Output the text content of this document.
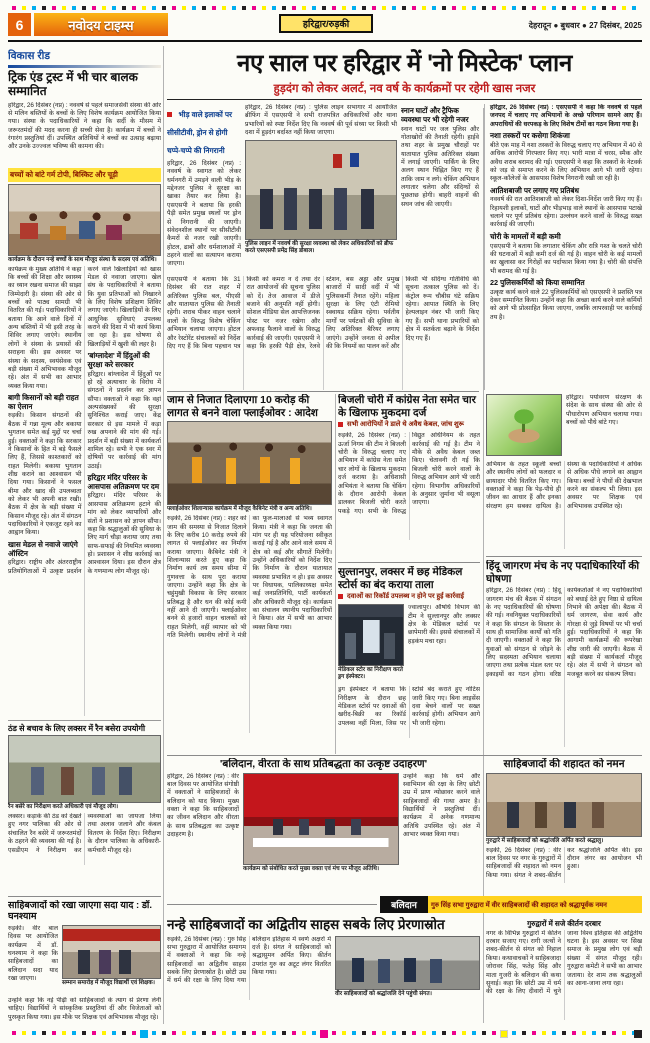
6	नवोदय टाइम्स	हरिद्वार/रुड़की	देहरादून ● बुधवार ● 27 दिसंबर, 2025
विकास रीड
ट्रिक एंड ट्रस्ट में भी चार बालक सम्मानित

हरिद्वार, 26 दिसंबर (नप्र) : नववर्ष से पहले समाजसेवी संस्था की ओर से मलिन बस्तियों के बच्चों के लिए विशेष कार्यक्रम आयोजित किया गया। संस्था के पदाधिकारियों ने कहा कि सर्दी के मौसम में जरूरतमंदों की मदद करना ही सच्ची सेवा है। कार्यक्रम में बच्चों ने रंगारंग प्रस्तुतियां दीं। उपस्थित अतिथियों ने बच्चों का उत्साह बढ़ाया और उनके उज्ज्वल भविष्य की कामना की।

बच्चों को बांटे गर्म टोपी, बिस्किट और चूड़ी
कार्यक्रम के दौरान नन्हे बच्चों के साथ मौजूद संस्था के सदस्य एवं अतिथि।

कार्यक्रम के मुख्य अतिथि ने कहा कि बच्चों की शिक्षा और स्वास्थ्य का ध्यान रखना समाज की साझा जिम्मेदारी है। संस्था की ओर से बच्चों को पाठ्य सामग्री भी वितरित की गई। पदाधिकारियों ने बताया कि आने वाले दिनों में अन्य बस्तियों में भी इसी तरह के शिविर लगाए जाएंगे। स्थानीय लोगों ने संस्था के प्रयासों की सराहना की। इस अवसर पर संस्था के सदस्य, स्वयंसेवक एवं बड़ी संख्या में अभिभावक मौजूद रहे। अंत में सभी का आभार व्यक्त किया गया।

बागी किसानों को बड़ी राहत का ऐलान

रुड़की। किसान संगठनों की बैठक में गन्ना मूल्य और बकाया भुगतान समेत कई मुद्दों पर चर्चा हुई। वक्ताओं ने कहा कि सरकार ने किसानों के हित में बड़े फैसले लिए हैं, जिससे काश्तकारों को राहत मिलेगी। बकाया भुगतान शीघ्र कराने का आश्वासन भी दिया गया। किसानों ने फसल बीमा और खाद की उपलब्धता को लेकर भी अपनी बात रखी। बैठक में क्षेत्र के बड़ी संख्या में किसान मौजूद रहे। अंत में संगठन पदाधिकारियों ने एकजुट रहने का आह्वान किया।

खास मेडल से नवाजे जाएंगे ऑस्टिन

हरिद्वार। राष्ट्रीय और अंतरराष्ट्रीय प्रतियोगिताओं में उत्कृष्ट प्रदर्शन करने वाले खिलाड़ियों को खास मेडल से नवाजा जाएगा। खेल संघ के पदाधिकारियों ने बताया कि युवा प्रतिभाओं को निखारने के लिए विशेष प्रशिक्षण शिविर लगाए जाएंगे। खिलाड़ियों के लिए आधुनिक सुविधाएं उपलब्ध कराने की दिशा में भी कार्य किया जा रहा है। इस घोषणा से खिलाड़ियों में खुशी की लहर है।

'बांग्लादेश' में हिंदुओं की सुरक्षा करे सरकार

हरिद्वार। बांग्लादेश में हिंदुओं पर हो रहे अत्याचार के विरोध में संगठनों ने प्रदर्शन कर ज्ञापन सौंपा। वक्ताओं ने कहा कि वहां अल्पसंख्यकों की सुरक्षा सुनिश्चित कराई जाए। केंद्र सरकार से इस मामले में कड़ा रुख अपनाने की मांग की गई। प्रदर्शन में बड़ी संख्या में कार्यकर्ता शामिल रहे। सभी ने एक स्वर में दोषियों पर कार्रवाई की मांग उठाई।

हरिद्वार मंदिर परिसर के आसपास अतिक्रमण पर दम

हरिद्वार। मंदिर परिसर के आसपास अतिक्रमण हटाने की मांग को लेकर व्यापारियों और संतों ने प्रशासन को ज्ञापन सौंपा। कहा कि श्रद्धालुओं की सुविधा के लिए मार्ग चौड़ा कराया जाए तथा साफ-सफाई की नियमित व्यवस्था हो। प्रशासन ने शीघ्र कार्रवाई का आश्वासन दिया। इस दौरान क्षेत्र के गणमान्य लोग मौजूद रहे।

ठंड से बचाव के लिए लक्सर में रैन बसेरा उपयोगी
रैन बसेरे का निरीक्षण करते अधिकारी एवं मौजूद लोग।

लक्सर। कड़ाके की ठंड को देखते हुए नगर पालिका की ओर से संचालित रैन बसेरे में जरूरतमंदों के ठहरने की व्यवस्था की गई है। एसडीएम ने निरीक्षण कर व्यवस्थाओं का जायजा लिया तथा अलाव जलाने और कंबल वितरण के निर्देश दिए। निरीक्षण के दौरान पालिका के अधिकारी-कर्मचारी मौजूद रहे।

साहिबजादों को रखा जाएगा सदा याद : डॉ. घनश्याम

रुड़की। वीर बाल दिवस पर आयोजित कार्यक्रम में डॉ. घनश्याम ने कहा कि साहिबजादों का बलिदान सदा याद रखा जाएगा।

सम्मान समारोह में मौजूद विद्यार्थी एवं शिक्षक।

उन्होंने कहा कि नई पीढ़ी को साहिबजादों के त्याग से प्रेरणा लेनी चाहिए। विद्यार्थियों ने सांस्कृतिक प्रस्तुतियां दीं और विजेताओं को पुरस्कृत किया गया। इस मौके पर शिक्षक एवं अभिभावक मौजूद रहे।

नए साल पर हरिद्वार में 'नो मिस्टेक' प्लान
हुड़दंग को लेकर अलर्ट, नव वर्ष के कार्यक्रमों पर रहेगी खास नजर
भीड़ वाले इलाकों पर सीसीटीवी, ड्रोन से होगी चप्पे-चप्पे की निगरानी

हरिद्वार, 26 दिसंबर (नप्र) : नववर्ष के स्वागत को लेकर धर्मनगरी में उमड़ने वाली भीड़ के मद्देनजर पुलिस ने सुरक्षा का खाका तैयार कर लिया है। एसएसपी ने बताया कि हरकी पैड़ी समेत प्रमुख स्थलों पर ड्रोन से निगरानी की जाएगी। संवेदनशील स्थानों पर सीसीटीवी कैमरों से नजर रखी जाएगी। होटल, ढाबों और धर्मशालाओं में ठहरने वालों का सत्यापन कराया जाएगा।

हरिद्वार, 26 दिसंबर (नप्र) : पुलिस लाइन सभागार में आयोजित ब्रीफिंग में एसएसपी ने सभी राजपत्रित अधिकारियों और थाना प्रभारियों को स्पष्ट निर्देश दिए कि नववर्ष की पूर्व संध्या पर किसी भी दशा में हुड़दंग बर्दाश्त नहीं किया जाएगा।

पुलिस लाइन में नववर्ष की सुरक्षा व्यवस्था को लेकर अधिकारियों को ब्रीफ करते एसएसपी प्रमेंद्र सिंह डोबाल।
स्नान घाटों और ट्रैफिक व्यवस्था पर भी रहेगी नजर

स्नान घाटों पर जल पुलिस और गोताखोरों की तैनाती रहेगी। हाईवे तथा शहर के प्रमुख चौराहों पर यातायात पुलिस अतिरिक्त संख्या में लगाई जाएगी। पार्किंग के लिए अलग स्थान चिह्नित किए गए हैं ताकि जाम न लगे। चेकिंग अभियान लगातार चलेगा और संदिग्धों से पूछताछ होगी। बाहरी वाहनों की सघन जांच की जाएगी।

एसएसपी ने बताया कि 31 दिसंबर की रात शहर में अतिरिक्त पुलिस बल, पीएसी और यातायात पुलिस की तैनाती रहेगी। शराब पीकर वाहन चलाने वालों के विरुद्ध विशेष चेकिंग अभियान चलाया जाएगा। होटल और रेस्टोरेंट संचालकों को निर्देश दिए गए हैं कि बिना पहचान पत्र किसी को कमरा न दें तथा देर रात आयोजनों की सूचना पुलिस को दें। तेज आवाज में डीजे बजाने की अनुमति नहीं होगी। सोशल मीडिया सेल आपत्तिजनक पोस्ट पर नजर रखेगा और अफवाह फैलाने वालों के विरुद्ध कार्रवाई की जाएगी। एसएसपी ने कहा कि हरकी पैड़ी क्षेत्र, रेलवे स्टेशन, बस अड्डा और प्रमुख बाजारों में सादी वर्दी में भी पुलिसकर्मी तैनात रहेंगे। महिला सुरक्षा के लिए एंटी रोमियो स्क्वायड सक्रिय रहेगा। पर्वतीय मार्गों पर पर्यटकों की सुविधा के लिए अतिरिक्त बैरियर लगाए जाएंगे। उन्होंने जनता से अपील की कि नियमों का पालन करें और किसी भी संदिग्ध गतिविधि की सूचना तत्काल पुलिस को दें। कंट्रोल रूम चौबीस घंटे सक्रिय रहेगा। आपात स्थिति के लिए हेल्पलाइन नंबर भी जारी किए गए हैं। सभी थाना प्रभारियों को क्षेत्र में सतर्कता बढ़ाने के निर्देश दिए गए हैं।

हरिद्वार, 26 दिसंबर (नप्र) : एसएसपी ने कहा कि नववर्ष से पहले जनपद में चलाए गए अभियानों के अच्छे परिणाम सामने आए हैं। अपराधियों की धरपकड़ के लिए विशेष टीमों का गठन किया गया है।

नशा तस्करों पर कसेगा शिकंजा

बीते एक माह में नशा तस्करों के विरुद्ध चलाए गए अभियान में 40 से अधिक आरोपी गिरफ्तार किए गए। भारी मात्रा में चरस, स्मैक और अवैध शराब बरामद की गई। एसएसपी ने कहा कि तस्करों के नेटवर्क को जड़ से समाप्त करने के लिए अभियान आगे भी जारी रहेगा। स्कूल-कॉलेजों के आसपास विशेष निगरानी रखी जा रही है।

आतिशबाजी पर लगाए गए प्रतिबंध

नववर्ष की रात आतिशबाजी को लेकर दिशा-निर्देश जारी किए गए हैं। रिहायशी इलाकों, घाटों और भीड़भाड़ वाले स्थानों के आसपास पटाखे चलाने पर पूर्ण प्रतिबंध रहेगा। उल्लंघन करने वालों के विरुद्ध सख्त कार्रवाई की जाएगी।

चोरी के मामलों में बड़ी कमी

एसएसपी ने बताया कि लगातार चेकिंग और रात्रि गश्त के चलते चोरी की घटनाओं में बड़ी कमी दर्ज की गई है। वाहन चोरी के कई मामलों का खुलासा कर गिरोहों का पर्दाफाश किया गया है। चोरी की संपत्ति भी बरामद की गई है।

22 पुलिसकर्मियों को किया सम्मानित

उत्कृष्ट कार्य करने वाले 22 पुलिसकर्मियों को एसएसपी ने प्रशस्ति पत्र देकर सम्मानित किया। उन्होंने कहा कि अच्छा कार्य करने वाले कर्मियों को आगे भी प्रोत्साहित किया जाएगा, जबकि लापरवाही पर कार्रवाई तय है।

जाम से निजात दिलाएगा 10 करोड़ की लागत से बनने वाला फ्लाईओवर : आदेश
फ्लाईओवर शिलान्यास कार्यक्रम में मौजूद कैबिनेट मंत्री व अन्य अतिथि।
रुड़की, 26 दिसंबर (नप्र) : शहर को जाम की समस्या से निजात दिलाने के लिए करीब 10 करोड़ रुपये की लागत से फ्लाईओवर का निर्माण कराया जाएगा। कैबिनेट मंत्री ने शिलान्यास करते हुए कहा कि निर्माण कार्य तय समय सीमा में गुणवत्ता के साथ पूरा कराया जाएगा। उन्होंने कहा कि क्षेत्र के चहुंमुखी विकास के लिए सरकार प्रतिबद्ध है और धन की कोई कमी नहीं आने दी जाएगी। फ्लाईओवर बनने से हजारों वाहन चालकों को राहत मिलेगी, वहीं व्यापार को भी गति मिलेगी। स्थानीय लोगों ने मंत्री का फूल-मालाओं से भव्य स्वागत किया। मंत्री ने कहा कि जनता की मांग पर ही यह परियोजना स्वीकृत कराई गई है और आने वाले समय में क्षेत्र को कई और सौगातें मिलेंगी। उन्होंने अधिकारियों को निर्देश दिए कि निर्माण के दौरान यातायात व्यवस्था प्रभावित न हो। इस अवसर पर विधायक, पालिकाध्यक्ष समेत कई जनप्रतिनिधि, पार्टी कार्यकर्ता और अधिकारी मौजूद रहे। कार्यक्रम का संचालन स्थानीय पदाधिकारियों ने किया। अंत में सभी का आभार व्यक्त किया गया।
बिजली चोरी में कांग्रेस नेता समेत चार के खिलाफ मुकदमा दर्ज
सभी आरोपियों ने डाले थे अवैध केबल, जांच शुरू
रुड़की, 26 दिसंबर (नप्र) : ऊर्जा निगम की टीम ने बिजली चोरी के विरुद्ध चलाए गए अभियान में कांग्रेस नेता समेत चार लोगों के खिलाफ मुकदमा दर्ज कराया है। अधिशासी अभियंता ने बताया कि चेकिंग के दौरान आरोपी केबल डालकर बिजली चोरी करते पकड़े गए। सभी के विरुद्ध विद्युत अधिनियम के तहत कार्रवाई की गई है। टीम ने मौके से अवैध केबल जब्त किए। चेतावनी दी गई कि बिजली चोरी करने वालों के विरुद्ध अभियान आगे भी जारी रहेगा। विभागीय अधिकारियों के अनुसार जुर्माना भी वसूला जाएगा।
सुल्तानपुर, लक्सर में छह मेडिकल स्टोर्स का बंद कराया ताला
दवाओं का रिकॉर्ड उपलब्ध न होने पर हुई कार्रवाई
मेडिकल स्टोर का निरीक्षण करते ड्रग इंस्पेक्टर।

ज्वालापुर। औषधि विभाग की टीम ने सुल्तानपुर और लक्सर क्षेत्र के मेडिकल स्टोर्स पर छापेमारी की। इससे संचालकों में हड़कंप मचा रहा।

ड्रग इंस्पेक्टर ने बताया कि निरीक्षण के दौरान छह मेडिकल स्टोर्स पर दवाओं की खरीद-बिक्री का रिकॉर्ड उपलब्ध नहीं मिला, जिस पर स्टोर्स बंद कराते हुए नोटिस जारी किए गए। बिना लाइसेंस दवा बेचने वालों पर सख्त कार्रवाई होगी। अभियान आगे भी जारी रहेगा।

हरिद्वार। पर्यावरण संरक्षण के संदेश के साथ संस्था की ओर से पौधारोपण अभियान चलाया गया। बच्चों को पौधे बांटे गए।

अभियान के तहत स्कूली बच्चों और स्थानीय लोगों को फलदार व छायादार पौधे वितरित किए गए। वक्ताओं ने कहा कि पेड़-पौधे ही जीवन का आधार हैं और इनका संरक्षण हम सबका दायित्व है। संस्था के पदाधिकारियों ने अधिक से अधिक पौधे लगाने का आह्वान किया। बच्चों ने पौधों की देखभाल करने का संकल्प भी लिया। इस अवसर पर शिक्षक एवं अभिभावक उपस्थित रहे।
हिंदू जागरण मंच के नए पदाधिकारियों की घोषणा
हरिद्वार, 26 दिसंबर (नप्र) : हिंदू जागरण मंच की बैठक में संगठन के नए पदाधिकारियों की घोषणा की गई। नवनियुक्त पदाधिकारियों ने कहा कि संगठन के विस्तार के साथ ही सामाजिक कार्यों को गति दी जाएगी। वक्ताओं ने कहा कि युवाओं को संगठन से जोड़ने के लिए सदस्यता अभियान चलाया जाएगा तथा प्रत्येक मंडल स्तर पर इकाइयों का गठन होगा। वरिष्ठ कार्यकर्ताओं ने नए पदाधिकारियों को बधाई देते हुए निष्ठा से दायित्व निभाने की अपेक्षा की। बैठक में धर्म जागरण, सेवा कार्य और गोरक्षा से जुड़े विषयों पर भी चर्चा हुई। पदाधिकारियों ने कहा कि आगामी कार्यक्रमों की रूपरेखा शीघ्र जारी की जाएगी। बैठक में बड़ी संख्या में कार्यकर्ता मौजूद रहे। अंत में सभी ने संगठन को मजबूत करने का संकल्प लिया।
'बलिदान, वीरता के साथ प्रतिबद्धता का उत्कृष्ट उदाहरण'

हरिद्वार, 26 दिसंबर (नप्र) : वीर बाल दिवस पर आयोजित संगोष्ठी में वक्ताओं ने साहिबजादों के बलिदान को याद किया। मुख्य वक्ता ने कहा कि साहिबजादों का जीवन बलिदान और वीरता के साथ प्रतिबद्धता का उत्कृष्ट उदाहरण है।

कार्यक्रम को संबोधित करते मुख्य वक्ता एवं मंच पर मौजूद अतिथि।

उन्होंने कहा कि धर्म और स्वाभिमान की रक्षा के लिए छोटी उम्र में प्राण न्योछावर करने वाले साहिबजादों की गाथा अमर है। विद्यार्थियों ने प्रस्तुतियां दीं। कार्यक्रम में अनेक गणमान्य अतिथि उपस्थित रहे। अंत में आभार व्यक्त किया गया।

साहिबजादों की शहादत को नमन
गुरुद्वारे में साहिबजादों को श्रद्धांजलि अर्पित करते श्रद्धालु।
रुड़की, 26 दिसंबर (नप्र) : वीर बाल दिवस पर नगर के गुरुद्वारों में साहिबजादों की शहादत को नमन किया गया। संगत ने शबद-कीर्तन कर श्रद्धांजलि अर्पित की। इस दौरान लंगर का आयोजन भी हुआ।
बलिदान	गुरु सिंह सभा गुरुद्वारा में वीर साहिबजादों की शहादत को श्रद्धापूर्वक नमन
नन्हे साहिबजादों का अद्वितीय साहस सबके लिए प्रेरणास्रोत
रुड़की, 26 दिसंबर (नप्र) : गुरु सिंह सभा गुरुद्वारा में आयोजित समागम में वक्ताओं ने कहा कि नन्हे साहिबजादों का अद्वितीय साहस सबके लिए प्रेरणास्रोत है। छोटी उम्र में धर्म की रक्षा के लिए दिया गया बलिदान इतिहास में स्वर्ण अक्षरों में दर्ज है। संगत ने साहिबजादों को श्रद्धासुमन अर्पित किए। कीर्तन उपरांत गुरु का अटूट लंगर वितरित किया गया।
वीर साहिबजादों को श्रद्धांजलि देने पहुंची संगत।
गुरुद्वारों में सजे कीर्तन दरबार
नगर के विभिन्न गुरुद्वारों में कीर्तन दरबार सजाए गए। रागी जत्थों ने शबद-कीर्तन से संगत को निहाल किया। कथावाचकों ने साहिबजादा जोरावर सिंह, फतेह सिंह और माता गुजरी के बलिदान की कथा सुनाई। कहा कि छोटी उम्र में धर्म की रक्षा के लिए दीवारों में चुने जाना विश्व इतिहास की अद्वितीय घटना है। इस अवसर पर सिख समाज के प्रमुख लोग एवं बड़ी संख्या में संगत मौजूद रही। गुरुद्वारा कमेटी ने सभी का आभार जताया। देर शाम तक श्रद्धालुओं का आना-जाना लगा रहा।
